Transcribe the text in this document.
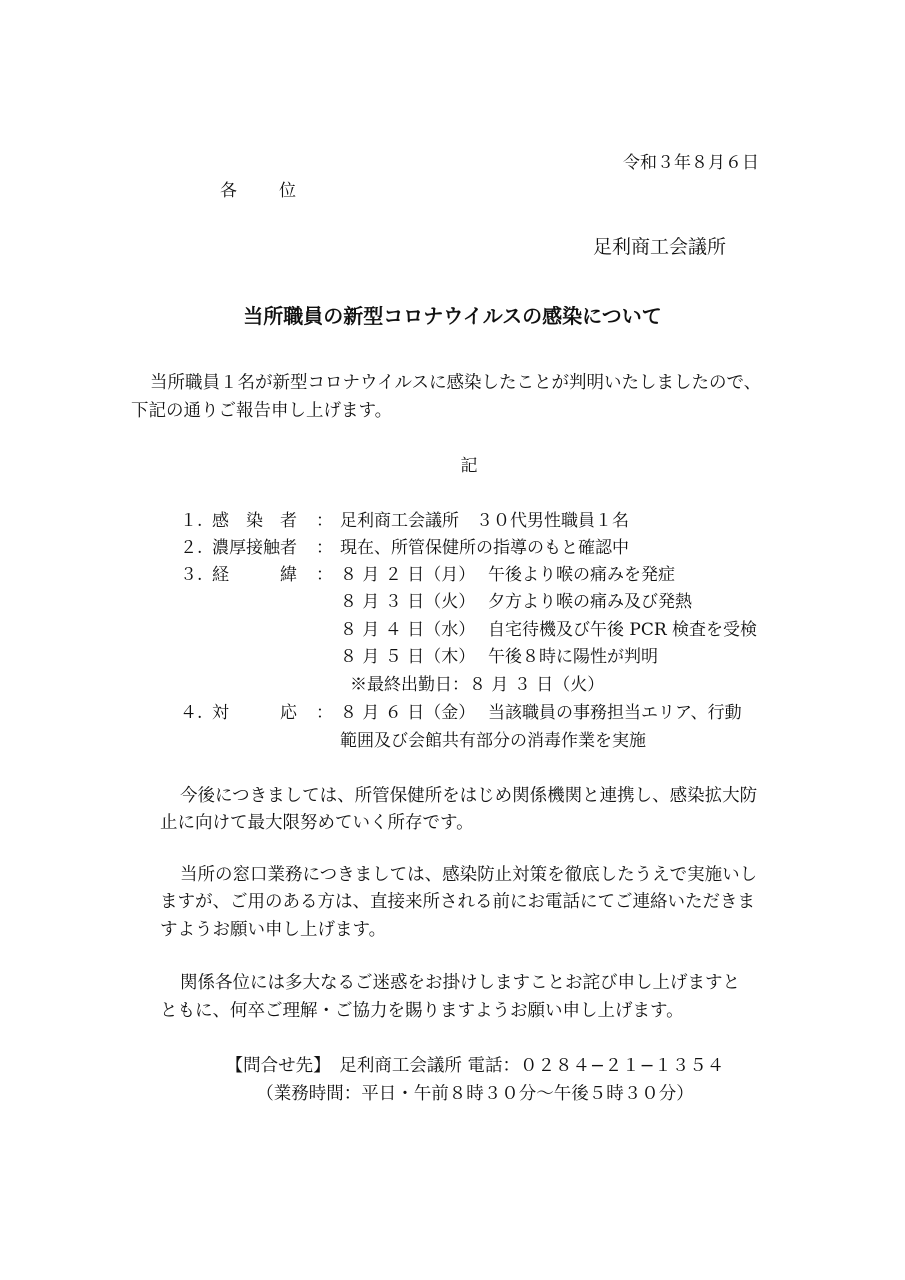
令和３年８月６日
各位
足利商工会議所
当所職員の新型コロナウイルスの感染について
当所職員１名が新型コロナウイルスに感染したことが判明いたしましたので、
下記の通りご報告申し上げます。
記
１. 感　染　者 ： 足利商工会議所　３０代男性職員１名
２. 濃厚接触者 ： 現在、所管保健所の指導のもと確認中
３. 経　　　緯 ： ８ 月 ２ 日（月） 午後より喉の痛みを発症
８ 月 ３ 日（火） 夕方より喉の痛み及び発熱
８ 月 ４ 日（水） 自宅待機及び午後 PCR 検査を受検
８ 月 ５ 日（木） 午後８時に陽性が判明
※最終出勤日：８ 月 ３ 日（火）
４. 対　　　応 ： ８ 月 ６ 日（金） 当該職員の事務担当エリア、行動
範囲及び会館共有部分の消毒作業を実施
今後につきましては、所管保健所をはじめ関係機関と連携し、感染拡大防
止に向けて最大限努めていく所存です。
当所の窓口業務につきましては、感染防止対策を徹底したうえで実施いし
ますが、ご用のある方は、直接来所される前にお電話にてご連絡いただきま
すようお願い申し上げます。
関係各位には多大なるご迷惑をお掛けしますことお詫び申し上げますと
ともに、何卒ご理解・ご協力を賜りますようお願い申し上げます。
【問合せ先】　足利商工会議所 電話：０２８４−２１−１３５４
（業務時間：平日・午前８時３０分～午後５時３０分）
